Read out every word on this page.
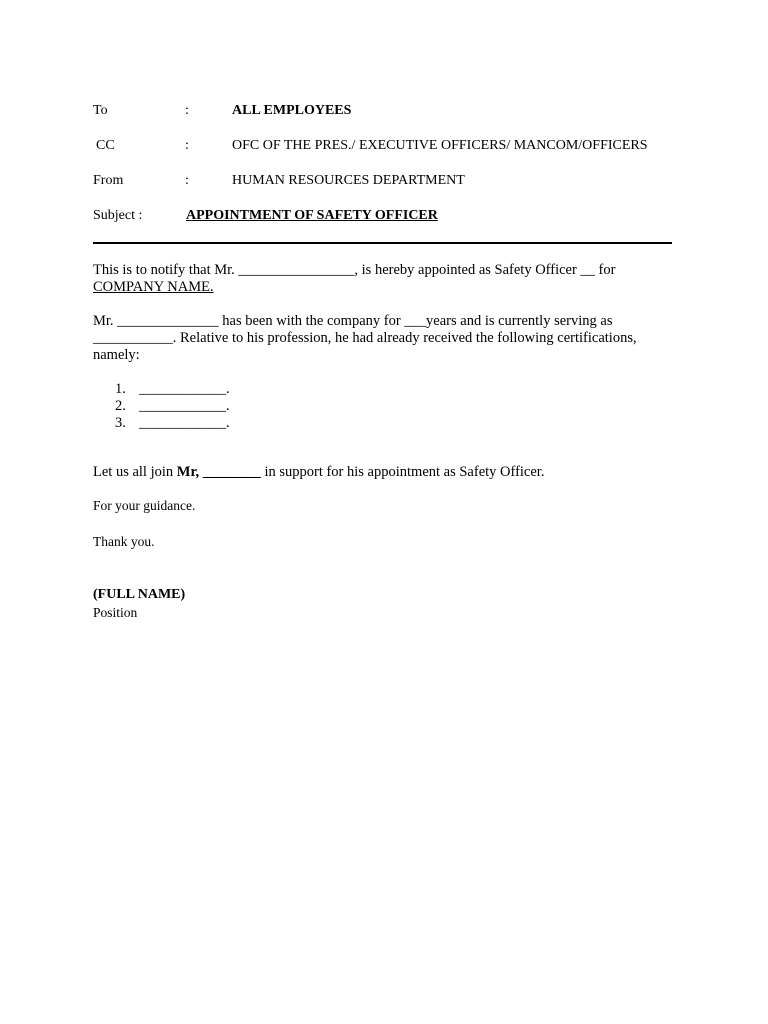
To	:	ALL EMPLOYEES
CC	:	OFC OF THE PRES./ EXECUTIVE OFFICERS/ MANCOM/OFFICERS
From	:	HUMAN RESOURCES DEPARTMENT
Subject :	APPOINTMENT OF SAFETY OFFICER

This is to notify that Mr. ________________, is hereby appointed as Safety Officer __ for
COMPANY NAME.

Mr. ______________ has been with the company for ___years and is currently serving as ___________. Relative to his profession, he had already received the following certifications, namely:

1. ____________.
2. ____________.
3. ____________.

Let us all join Mr, ________ in support for his appointment as Safety Officer.

For your guidance.

Thank you.

(FULL NAME)

Position
